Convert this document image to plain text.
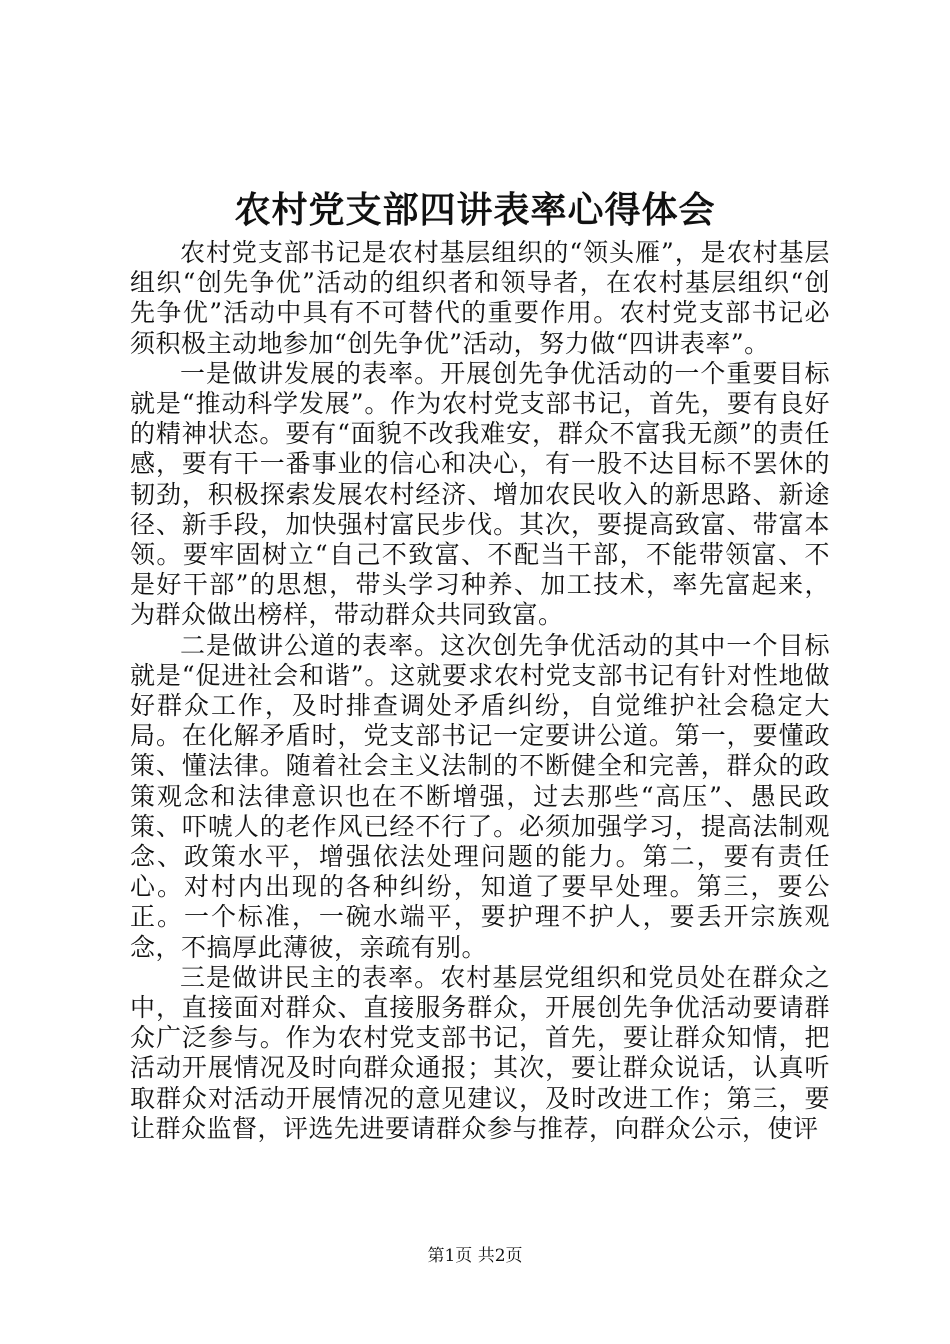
农村党支部四讲表率心得体会

农村党支部书记是农村基层组织的“领头雁”，是农村基层组织“创先争优”活动的组织者和领导者，在农村基层组织“创先争优”活动中具有不可替代的重要作用。农村党支部书记必须积极主动地参加“创先争优”活动，努力做“四讲表率”。

一是做讲发展的表率。开展创先争优活动的一个重要目标就是“推动科学发展”。作为农村党支部书记，首先，要有良好的精神状态。要有“面貌不改我难安，群众不富我无颜”的责任感，要有干一番事业的信心和决心，有一股不达目标不罢休的韧劲，积极探索发展农村经济、增加农民收入的新思路、新途径、新手段，加快强村富民步伐。其次，要提高致富、带富本领。要牢固树立“自己不致富、不配当干部，不能带领富、不是好干部”的思想，带头学习种养、加工技术，率先富起来，为群众做出榜样，带动群众共同致富。

二是做讲公道的表率。这次创先争优活动的其中一个目标就是“促进社会和谐”。这就要求农村党支部书记有针对性地做好群众工作，及时排查调处矛盾纠纷，自觉维护社会稳定大局。在化解矛盾时，党支部书记一定要讲公道。第一，要懂政策、懂法律。随着社会主义法制的不断健全和完善，群众的政策观念和法律意识也在不断增强，过去那些“高压”、愚民政策、吓唬人的老作风已经不行了。必须加强学习，提高法制观念、政策水平，增强依法处理问题的能力。第二，要有责任心。对村内出现的各种纠纷，知道了要早处理。第三，要公正。一个标准，一碗水端平，要护理不护人，要丢开宗族观念，不搞厚此薄彼，亲疏有别。

三是做讲民主的表率。农村基层党组织和党员处在群众之中，直接面对群众、直接服务群众，开展创先争优活动要请群众广泛参与。作为农村党支部书记，首先，要让群众知情，把活动开展情况及时向群众通报；其次，要让群众说话，认真听取群众对活动开展情况的意见建议，及时改进工作；第三，要让群众监督，评选先进要请群众参与推荐，向群众公示，使评

第1页 共2页
